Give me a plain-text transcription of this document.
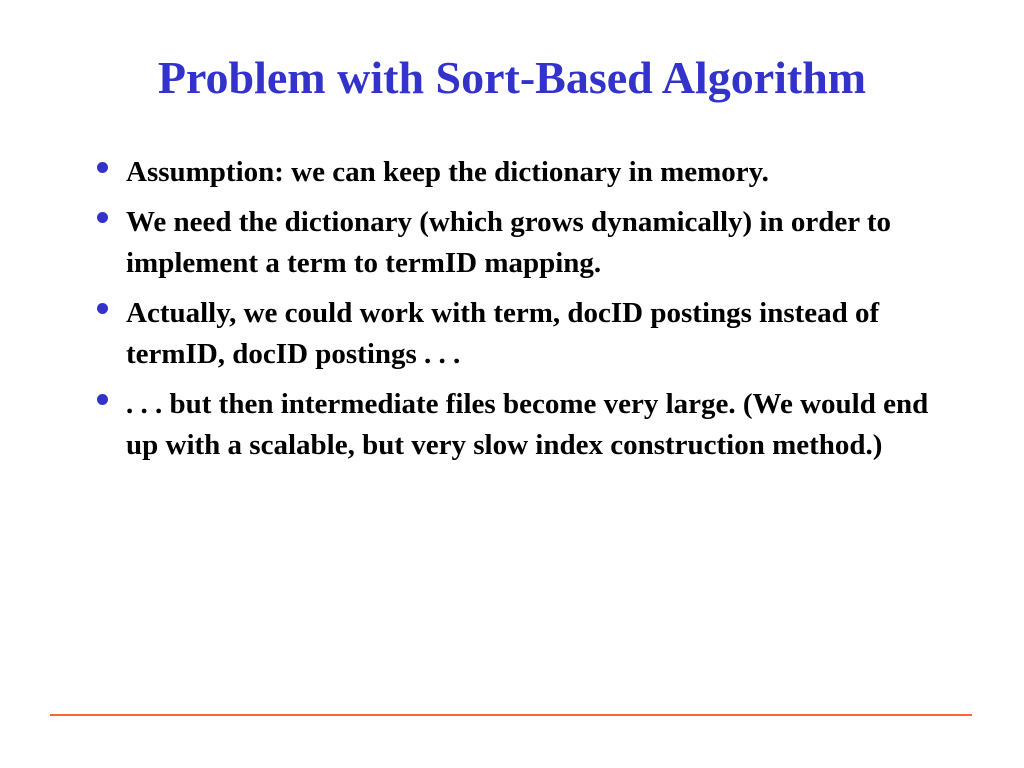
Problem with Sort-Based Algorithm
Assumption: we can keep the dictionary in memory.
We need the dictionary (which grows dynamically) in order to implement a term to termID mapping.
Actually, we could work with term, docID postings instead of termID, docID postings . . .
. . . but then intermediate files become very large. (We would end up with a scalable, but very slow index construction method.)
